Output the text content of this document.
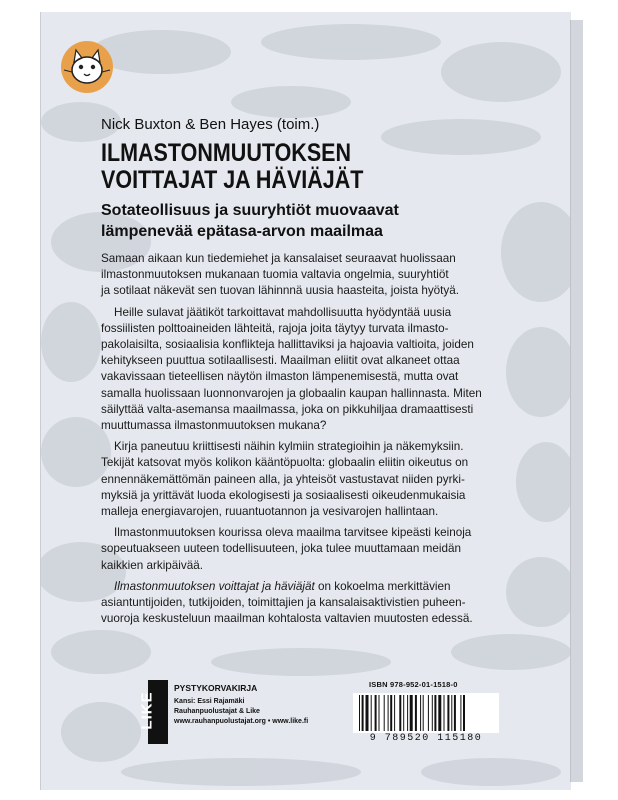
Nick Buxton & Ben Hayes (toim.)
ILMASTONMUUTOKSEN
VOITTAJAT JA HÄVIÄJÄT
Sotateollisuus ja suuryhtiöt muovaavat
lämpenevää epätasa-arvon maailmaa
Samaan aikaan kun tiedemiehet ja kansalaiset seuraavat huolissaan
ilmastonmuutoksen mukanaan tuomia valtavia ongelmia, suuryhtiöt
ja sotilaat näkevät sen tuovan lähinnnä uusia haasteita, joista hyötyä.
Heille sulavat jäätiköt tarkoittavat mahdollisuutta hyödyntää uusia
fossiilisten polttoaineiden lähteitä, rajoja joita täytyy turvata ilmasto-
pakolaisilta, sosiaalisia konflikteja hallittaviksi ja hajoavia valtioita, joiden
kehitykseen puuttua sotilaallisesti. Maailman eliitit ovat alkaneet ottaa
vakavissaan tieteellisen näytön ilmaston lämpenemisestä, mutta ovat
samalla huolissaan luonnonvarojen ja globaalin kaupan hallinnasta. Miten
säilyttää valta-asemansa maailmassa, joka on pikkuhiljaa dramaattisesti
muuttumassa ilmastonmuutoksen mukana?
Kirja paneutuu kriittisesti näihin kylmiin strategioihin ja näkemyksiin.
Tekijät katsovat myös kolikon kääntöpuolta: globaalin eliitin oikeutus on
ennennäkemättömän paineen alla, ja yhteisöt vastustavat niiden pyrki-
myksiä ja yrittävät luoda ekologisesti ja sosiaalisesti oikeudenmukaisia
malleja energiavarojen, ruuantuotannon ja vesivarojen hallintaan.
Ilmastonmuutoksen kourissa oleva maailma tarvitsee kipeästi keinoja
sopeutuakseen uuteen todellisuuteen, joka tulee muuttamaan meidän
kaikkien arkipäivää.
Ilmastonmuutoksen voittajat ja häviäjät on kokoelma merkittävien
asiantuntijoiden, tutkijoiden, toimittajien ja kansalaisaktivistien puheen-
vuoroja keskusteluun maailman kohtalosta valtavien muutosten edessä.
LIKE
PYSTYKORVAKIRJA
Kansi: Essi Rajamäki
Rauhanpuolustajat & Like
www.rauhanpuolustajat.org • www.like.fi
ISBN 978-952-01-1518-0
9 789520 115180
